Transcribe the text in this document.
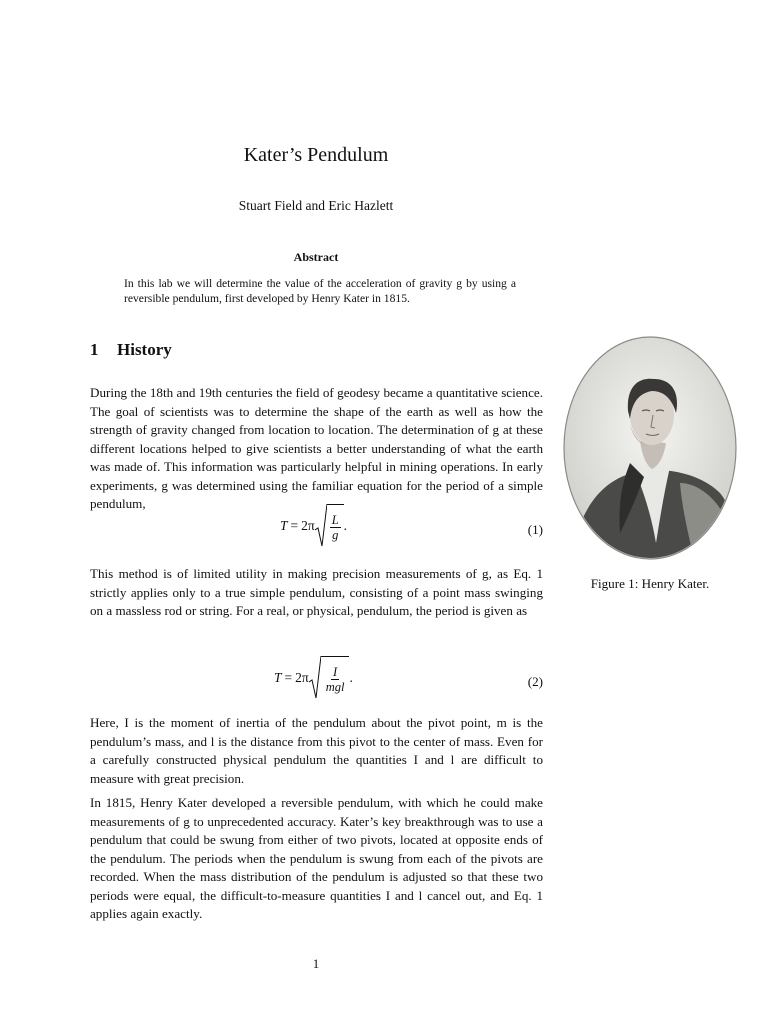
Kater’s Pendulum
Stuart Field and Eric Hazlett
Abstract
In this lab we will determine the value of the acceleration of gravity g by using a reversible pendulum, first developed by Henry Kater in 1815.
1 History

During the 18th and 19th centuries the field of geodesy became a quantitative science. The goal of scientists was to determine the shape of the earth as well as how the strength of gravity changed from location to location. The determination of g at these different locations helped to give scientists a better understanding of what the earth was made of. This information was particularly helpful in mining operations. In early experiments, g was determined using the familiar equation for the period of a simple pendulum,

$T = 2\pi \frac{L}{g}$ .	(1)

This method is of limited utility in making precision measurements of g, as Eq. 1 strictly applies only to a true simple pendulum, consisting of a point mass swinging on a massless rod or string. For a real, or physical, pendulum, the period is given as

$T = 2\pi \frac{I}{\text{mgl}}$ .	(2)

Here, I is the moment of inertia of the pendulum about the pivot point, m is the pendulum’s mass, and l is the distance from this pivot to the center of mass. Even for a carefully constructed physical pendulum the quantities I and l are difficult to measure with great precision.

In 1815, Henry Kater developed a reversible pendulum, with which he could make measurements of g to unprecedented accuracy. Kater’s key breakthrough was to use a pendulum that could be swung from either of two pivots, located at opposite ends of the pendulum. The periods when the pendulum is swung from each of the pivots are recorded. When the mass distribution of the pendulum is adjusted so that these two periods were equal, the difficult-to-measure quantities I and l cancel out, and Eq. 1 applies again exactly.

Figure 1: Henry Kater.
1
